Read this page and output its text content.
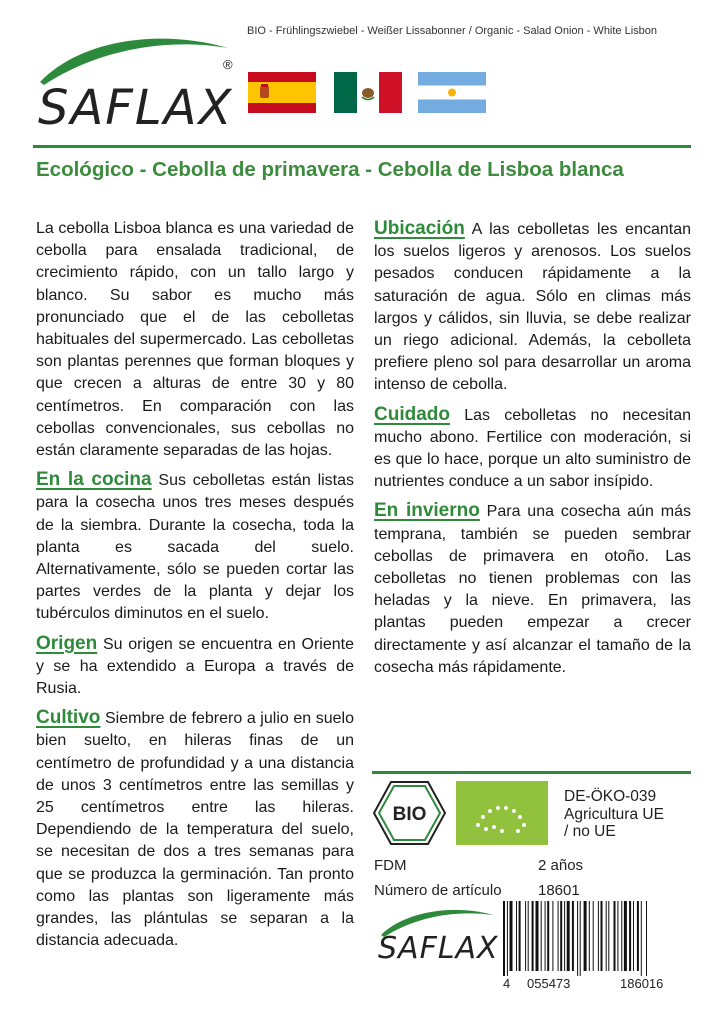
BIO - Frühlingszwiebel - Weißer Lissabonner / Organic - Salad Onion - White Lisbon
SAFLAX
®
Ecológico - Cebolla de primavera - Cebolla de Lisboa blanca

La cebolla Lisboa blanca es una variedad de cebolla para ensalada tradicional, de crecimiento rápido, con un tallo largo y blanco. Su sabor es mucho más pronunciado que el de las cebolletas habituales del supermercado. Las cebolletas son plantas perennes que forman bloques y que crecen a alturas de entre 30 y 80 centímetros. En comparación con las cebollas convencionales, sus cebollas no están claramente separadas de las hojas.

En la cocina Sus cebolletas están listas para la cosecha unos tres meses después de la siembra. Durante la cosecha, toda la planta es sacada del suelo. Alternativamente, sólo se pueden cortar las partes verdes de la planta y dejar los tubérculos diminutos en el suelo.

Origen Su origen se encuentra en Oriente y se ha extendido a Europa a través de Rusia.

Cultivo Siembre de febrero a julio en suelo bien suelto, en hileras finas de un centímetro de profundidad y a una distancia de unos 3 centímetros entre las semillas y 25 centímetros entre las hileras. Dependiendo de la temperatura del suelo, se necesitan de dos a tres semanas para que se produzca la germinación. Tan pronto como las plantas son ligeramente más grandes, las plántulas se separan a la distancia adecuada.

Ubicación A las cebolletas les encantan los suelos ligeros y arenosos. Los suelos pesados conducen rápidamente a la saturación de agua. Sólo en climas más largos y cálidos, sin lluvia, se debe realizar un riego adicional. Además, la cebolleta prefiere pleno sol para desarrollar un aroma intenso de cebolla.

Cuidado Las cebolletas no necesitan mucho abono. Fertilice con moderación, si es que lo hace, porque un alto suministro de nutrientes conduce a un sabor insípido.

En invierno Para una cosecha aún más temprana, también se pueden sembrar cebollas de primavera en otoño. Las cebolletas no tienen problemas con las heladas y la nieve. En primavera, las plantas pueden empezar a crecer directamente y así alcanzar el tamaño de la cosecha más rápidamente.

BIO
DE-ÖKO-039
Agricultura UE
/ no UE
FDM	2 años
Número de artículo 18601
SAFLAX
4 055473	186016
